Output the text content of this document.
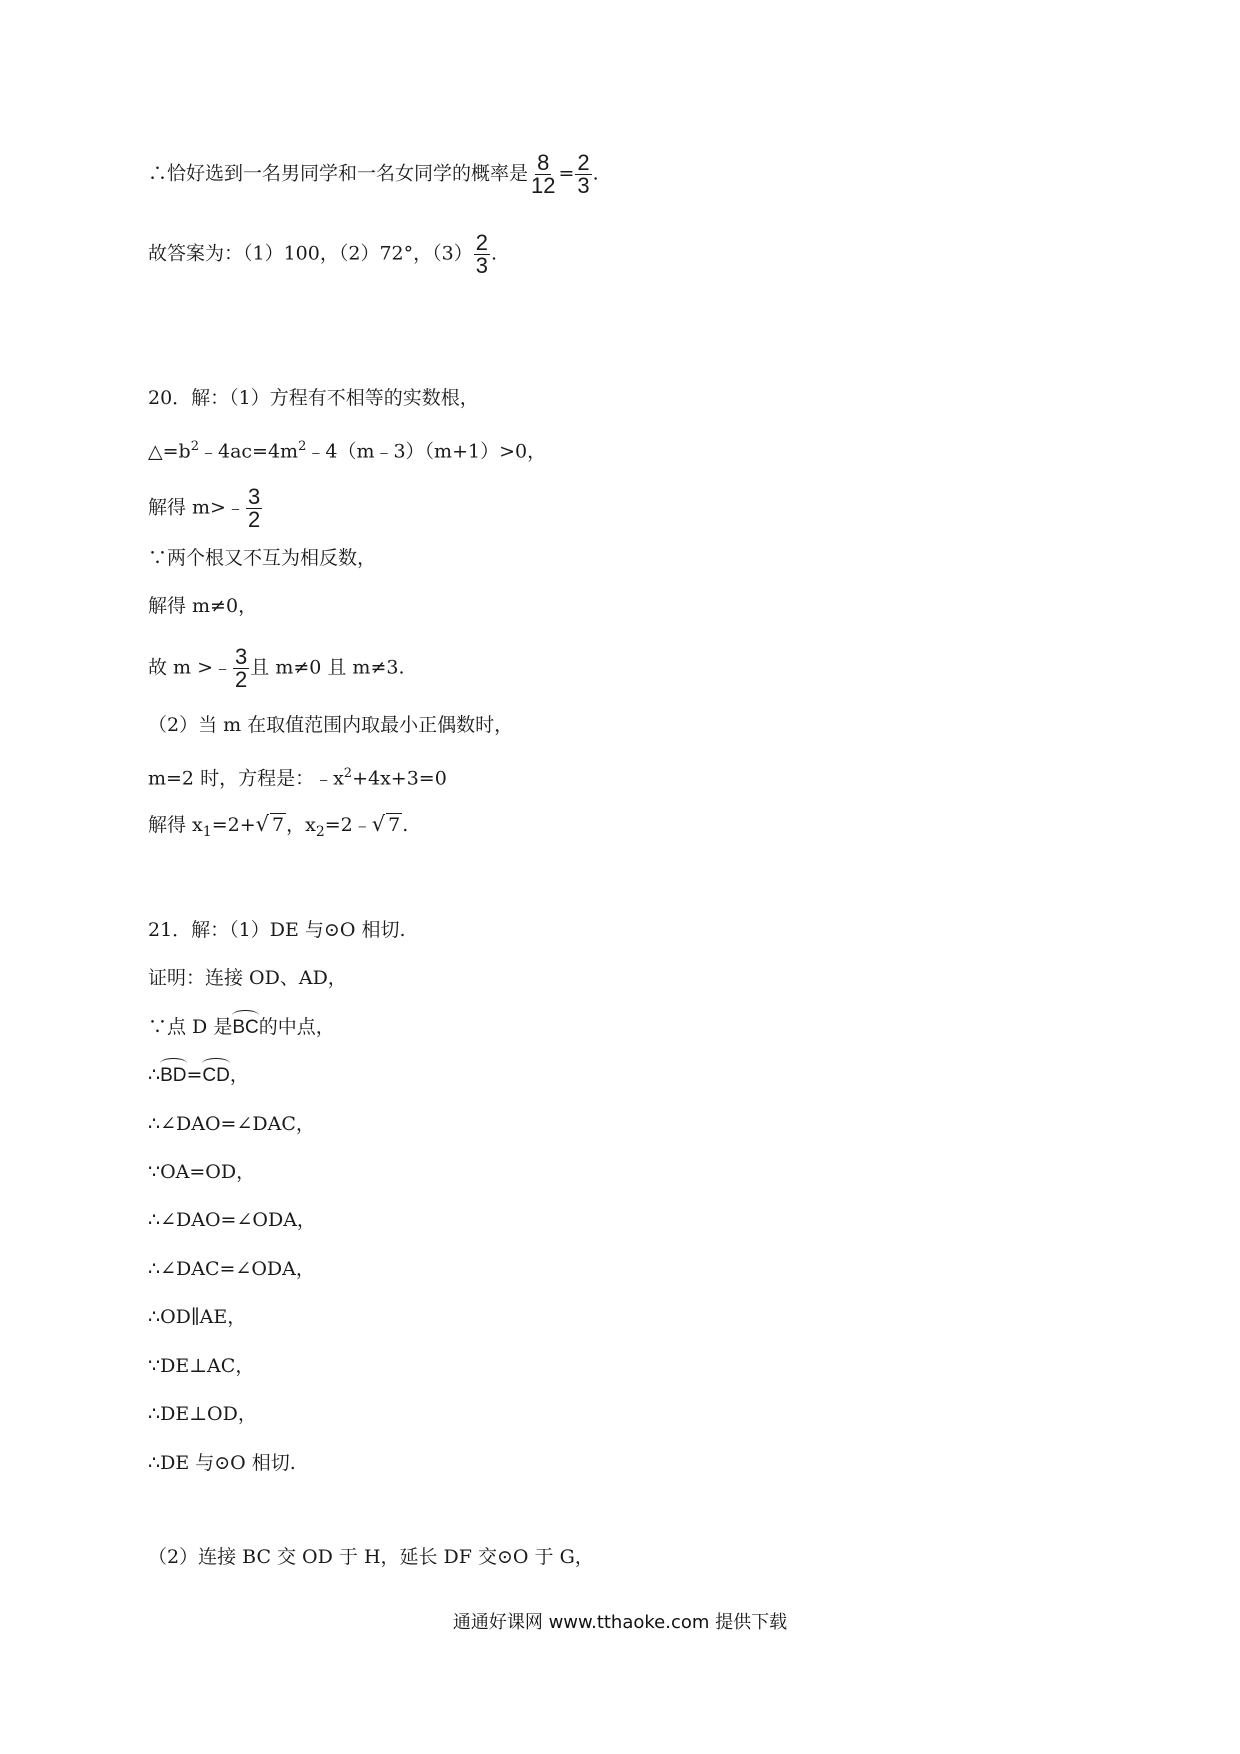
∴恰好选到一名男同学和一名女同学的概率是 $\frac{8}{12} = \frac{2}{3}$ .
故答案为：（1）100，（2）72°，$(3) \frac{2}{3}$ .
20．解：（1）方程有不相等的实数根，
$\triangle=b^2﹣4ac=4m^2﹣4(m﹣3)(m+1)>0$，
解得 m>﹣ $\frac{3}{2}$
∵两个根又不互为相反数，
解得 m≠0，
故 m >﹣ $\frac{3}{2}$ 且 m≠0 且 m≠3.
（2）当 m 在取值范围内取最小正偶数时，
m=2 时，方程是：$﹣x^2+4x+3=0$
解得 $x_1=2+√$ 7 ，$x_2=2﹣√$ 7 .
21．解：（1）DE 与⊙O 相切.
证明：连接 OD、AD，
∵点 D 是BC的中点，
∴BD=CD，
∴∠DAO=∠DAC，
∵OA=OD，
∴∠DAO=∠ODA，
∴∠DAC=∠ODA，
∴OD∥AE，
∵DE⊥AC，
∴DE⊥OD，
∴DE 与⊙O 相切.
（2）连接 BC 交 OD 于 H，延长 DF 交⊙O 于 G，
通通好课网 www.tthaoke.com 提供下载
